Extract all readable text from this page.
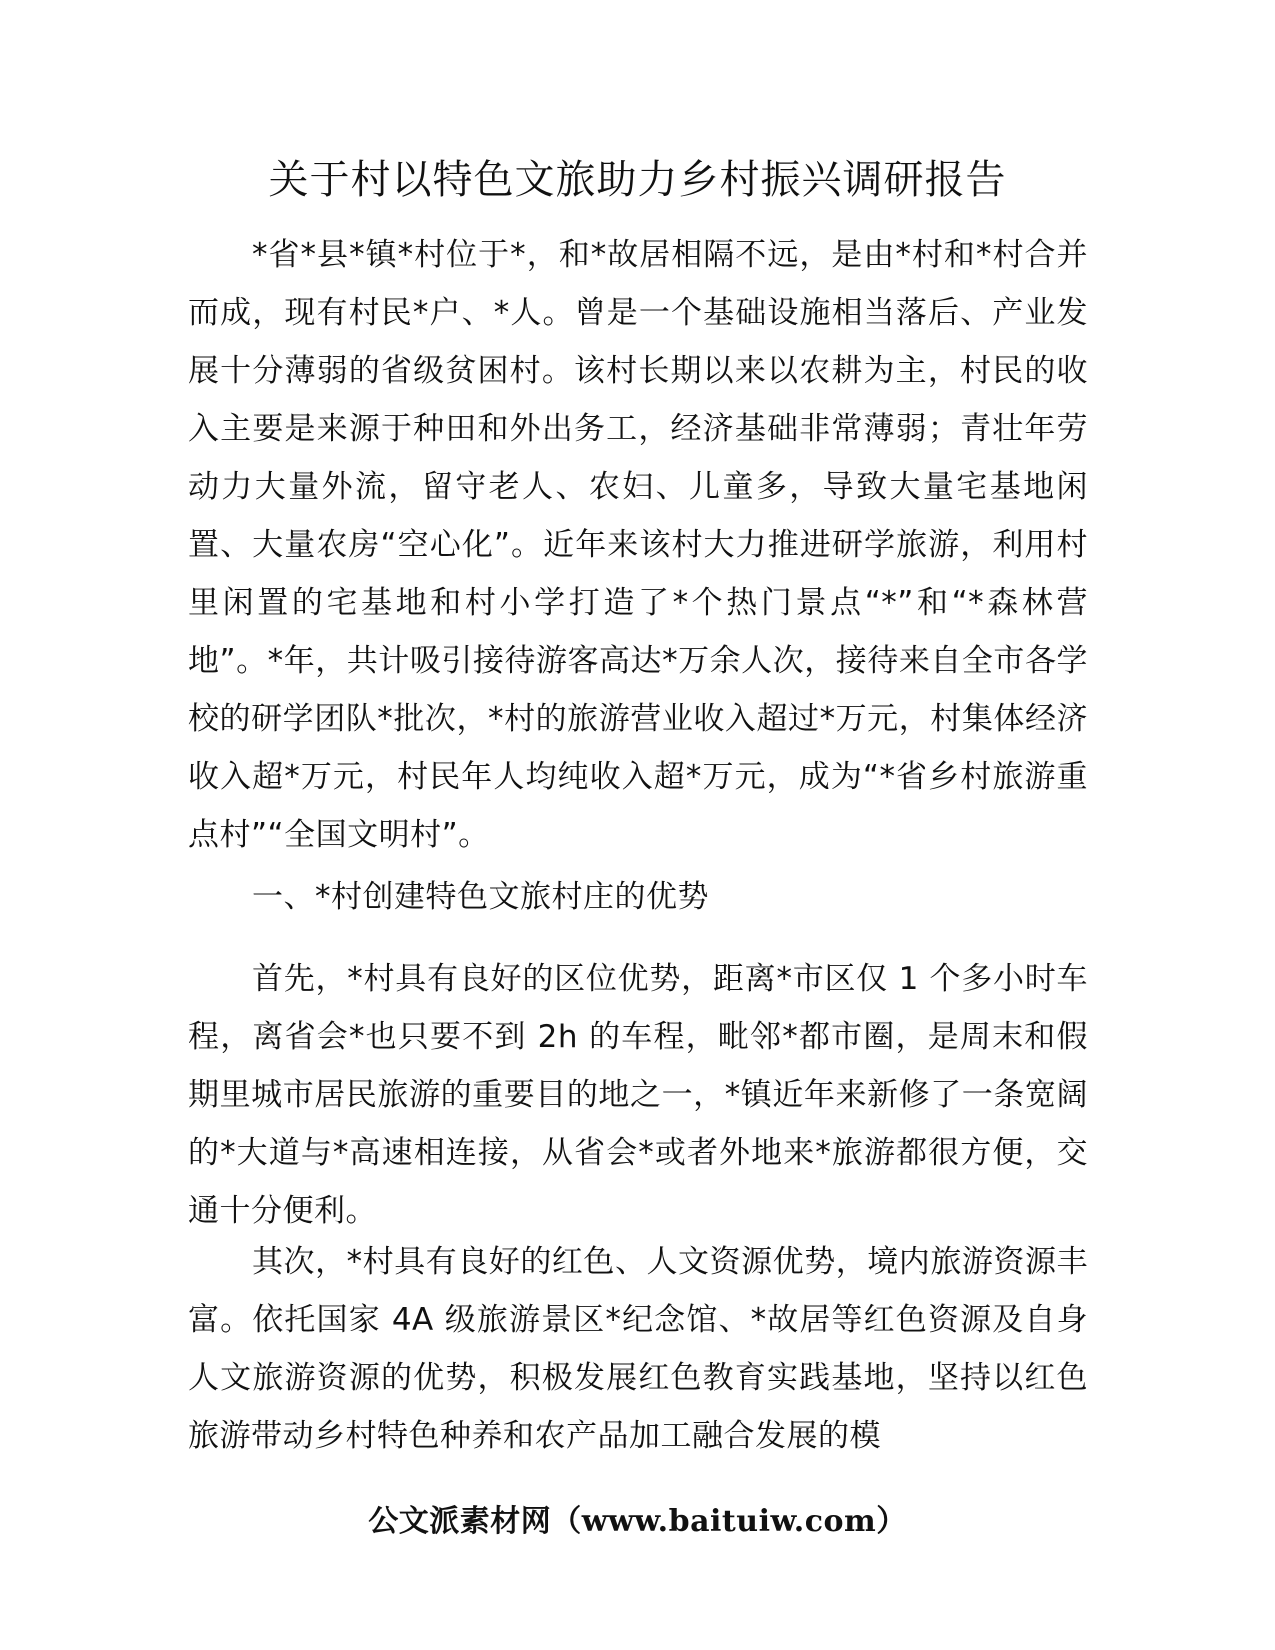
关于村以特色文旅助力乡村振兴调研报告

*省*县*镇*村位于*，和*故居相隔不远，是由*村和*村合并而成，现有村民*户、*人。曾是一个基础设施相当落后、产业发展十分薄弱的省级贫困村。该村长期以来以农耕为主，村民的收入主要是来源于种田和外出务工，经济基础非常薄弱；青壮年劳动力大量外流，留守老人、农妇、儿童多，导致大量宅基地闲置、大量农房“空心化”。近年来该村大力推进研学旅游，利用村里闲置的宅基地和村小学打造了*个热门景点“*”和“*森林营地”。*年，共计吸引接待游客高达*万余人次，接待来自全市各学校的研学团队*批次，*村的旅游营业收入超过*万元，村集体经济收入超*万元，村民年人均纯收入超*万元，成为“*省乡村旅游重点村”“全国文明村”。

一、*村创建特色文旅村庄的优势

首先，*村具有良好的区位优势，距离*市区仅 1 个多小时车程，离省会*也只要不到 2h 的车程，毗邻*都市圈，是周末和假期里城市居民旅游的重要目的地之一，*镇近年来新修了一条宽阔的*大道与*高速相连接，从省会*或者外地来*旅游都很方便，交通十分便利。

其次，*村具有良好的红色、人文资源优势，境内旅游资源丰富。依托国家 4A 级旅游景区*纪念馆、*故居等红色资源及自身人文旅游资源的优势，积极发展红色教育实践基地，坚持以红色旅游带动乡村特色种养和农产品加工融合发展的模

公文派素材网（www.baituiw.com）
